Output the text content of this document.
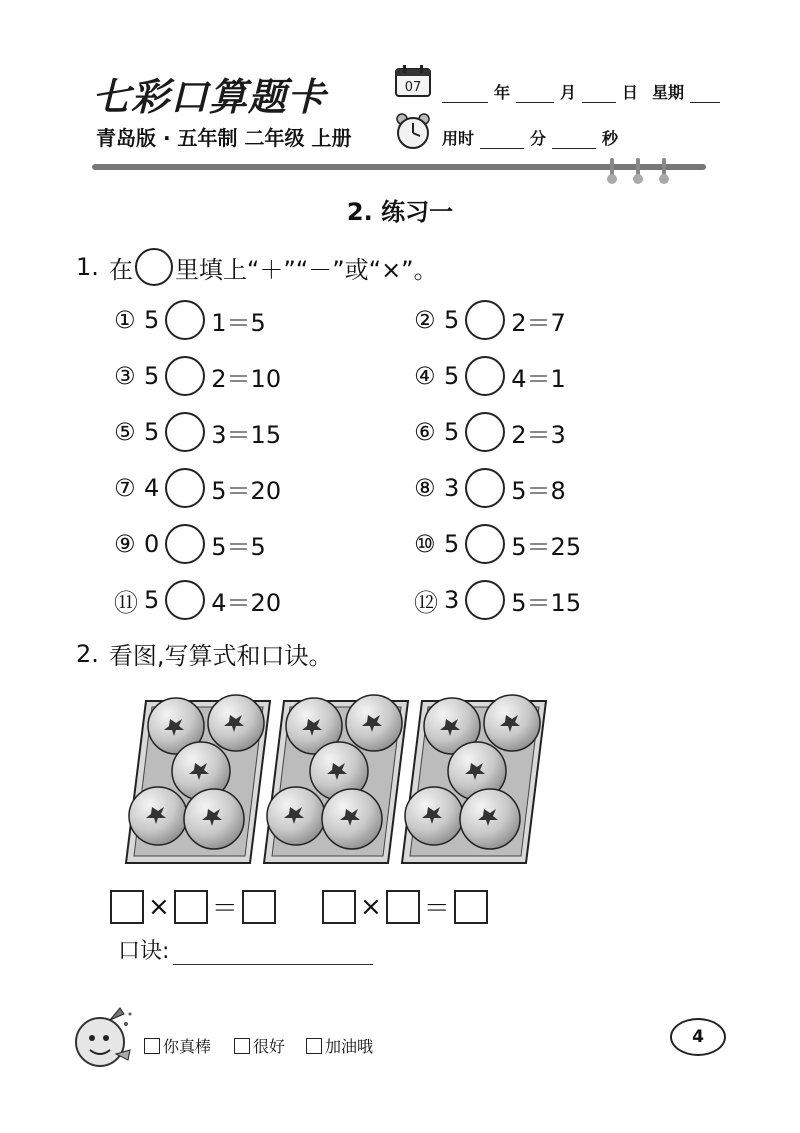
七彩口算题卡
青岛版 · 五年制 二年级 上册
07	年	月	日 星期
用时	分	秒
2. 练习一
1. 在 里填上“＋”“－”或“×”。
① 5 1＝5
③ 5 2＝10
⑤ 5 3＝15
⑦ 4 5＝20
⑨ 0 5＝5
⑪ 5 4＝20
② 5 2＝7
④ 5 4＝1
⑥ 5 2＝3
⑧ 3 5＝8
⑩ 5 5＝25
⑫ 3 5＝15
2. 看图,写算式和口诀。
× ＝	× ＝
口诀:
你真棒	很好 加油哦	4
